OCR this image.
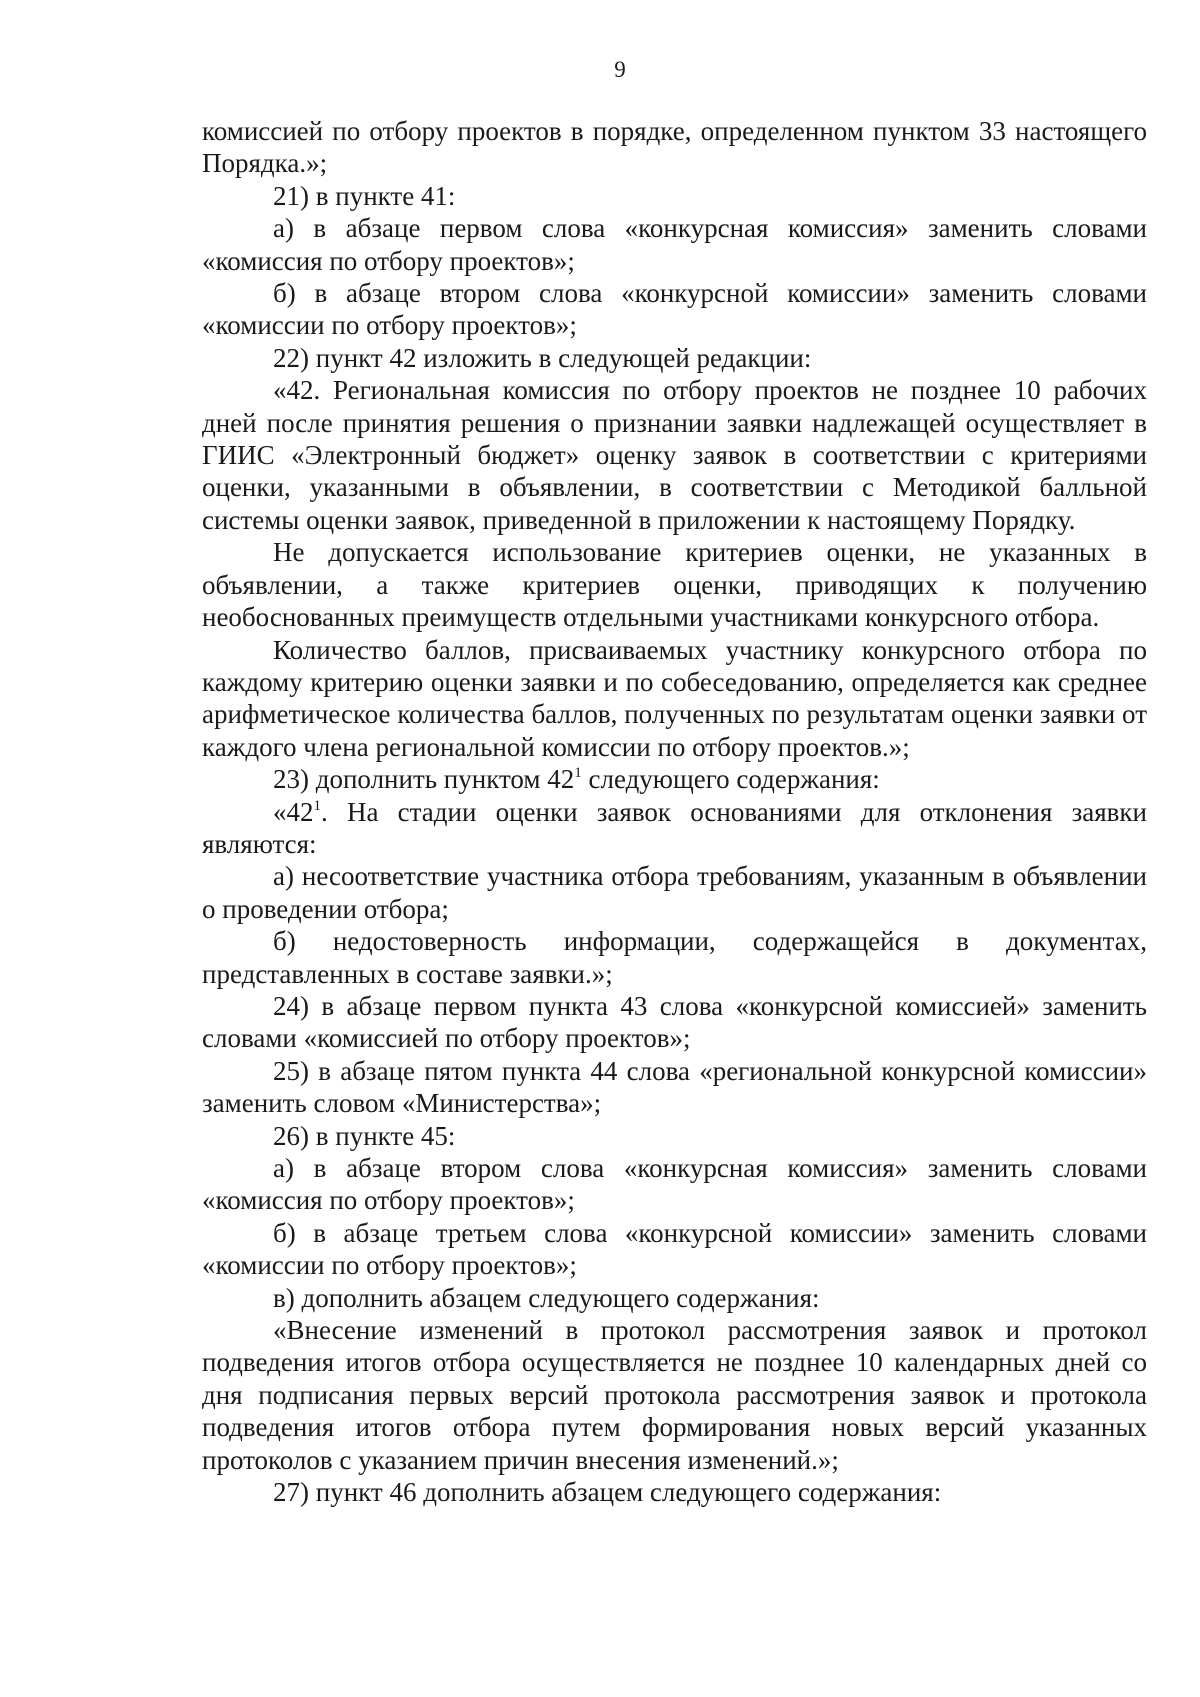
9

комиссией по отбору проектов в порядке, определенном пунктом 33 настоящего Порядка.»;

21) в пункте 41:

а) в абзаце первом слова «конкурсная комиссия» заменить словами «комиссия по отбору проектов»;

б) в абзаце втором слова «конкурсной комиссии» заменить словами «комиссии по отбору проектов»;

22) пункт 42 изложить в следующей редакции:

«42. Региональная комиссия по отбору проектов не позднее 10 рабочих дней после принятия решения о признании заявки надлежащей осуществляет в ГИИС «Электронный бюджет» оценку заявок в соответствии с критериями оценки, указанными в объявлении, в соответствии с Методикой балльной системы оценки заявок, приведенной в приложении к настоящему Порядку.

Не допускается использование критериев оценки, не указанных в объявлении, а также критериев оценки, приводящих к получению необоснованных преимуществ отдельными участниками конкурсного отбора.

Количество баллов, присваиваемых участнику конкурсного отбора по каждому критерию оценки заявки и по собеседованию, определяется как среднее арифметическое количества баллов, полученных по результатам оценки заявки от каждого члена региональной комиссии по отбору проектов.»;

23) дополнить пунктом $42^1$ следующего содержания:

«$42^1$. На стадии оценки заявок основаниями для отклонения заявки являются:

а) несоответствие участника отбора требованиям, указанным в объявлении о проведении отбора;

б) недостоверность информации, содержащейся в документах, представленных в составе заявки.»;

24) в абзаце первом пункта 43 слова «конкурсной комиссией» заменить словами «комиссией по отбору проектов»;

25) в абзаце пятом пункта 44 слова «региональной конкурсной комиссии» заменить словом «Министерства»;

26) в пункте 45:

а) в абзаце втором слова «конкурсная комиссия» заменить словами «комиссия по отбору проектов»;

б) в абзаце третьем слова «конкурсной комиссии» заменить словами «комиссии по отбору проектов»;

в) дополнить абзацем следующего содержания:

«Внесение изменений в протокол рассмотрения заявок и протокол подведения итогов отбора осуществляется не позднее 10 календарных дней со дня подписания первых версий протокола рассмотрения заявок и протокола подведения итогов отбора путем формирования новых версий указанных протоколов с указанием причин внесения изменений.»;

27) пункт 46 дополнить абзацем следующего содержания:
